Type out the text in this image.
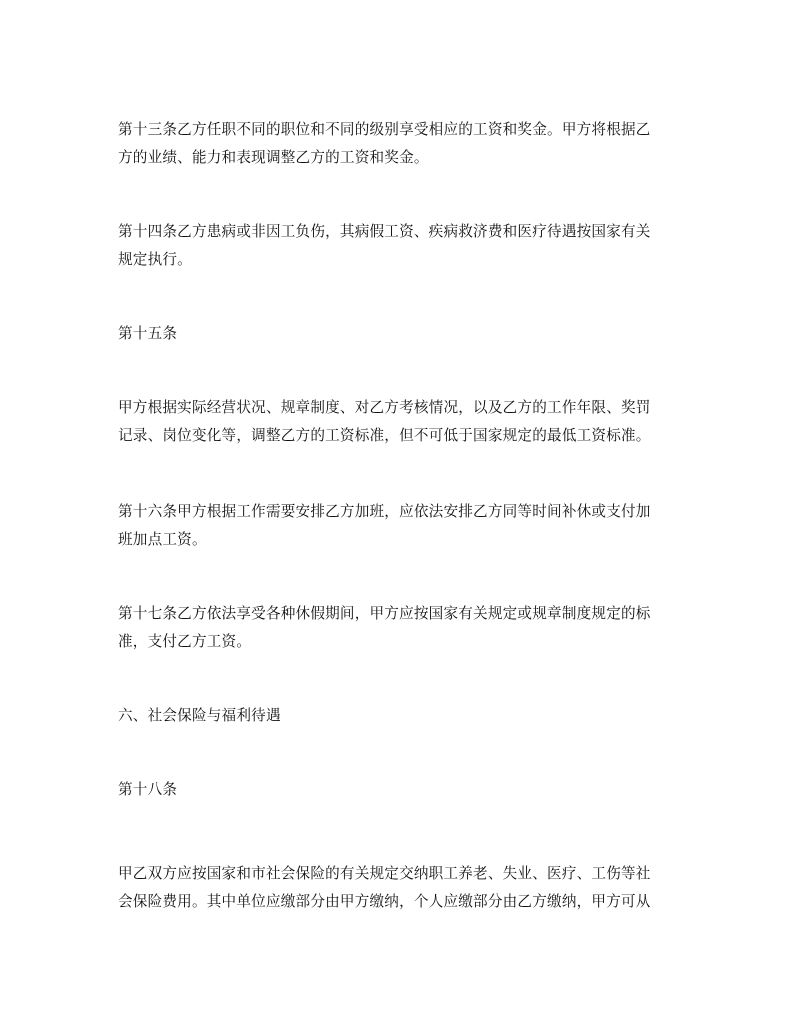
第十三条乙方任职不同的职位和不同的级别享受相应的工资和奖金。甲方将根据乙
方的业绩、能力和表现调整乙方的工资和奖金。

第十四条乙方患病或非因工负伤，其病假工资、疾病救济费和医疗待遇按国家有关
规定执行。

第十五条

甲方根据实际经营状况、规章制度、对乙方考核情况，以及乙方的工作年限、奖罚
记录、岗位变化等，调整乙方的工资标准，但不可低于国家规定的最低工资标准。

第十六条甲方根据工作需要安排乙方加班，应依法安排乙方同等时间补休或支付加
班加点工资。

第十七条乙方依法享受各种休假期间，甲方应按国家有关规定或规章制度规定的标
准，支付乙方工资。

六、社会保险与福利待遇

第十八条

甲乙双方应按国家和市社会保险的有关规定交纳职工养老、失业、医疗、工伤等社
会保险费用。其中单位应缴部分由甲方缴纳，个人应缴部分由乙方缴纳，甲方可从
